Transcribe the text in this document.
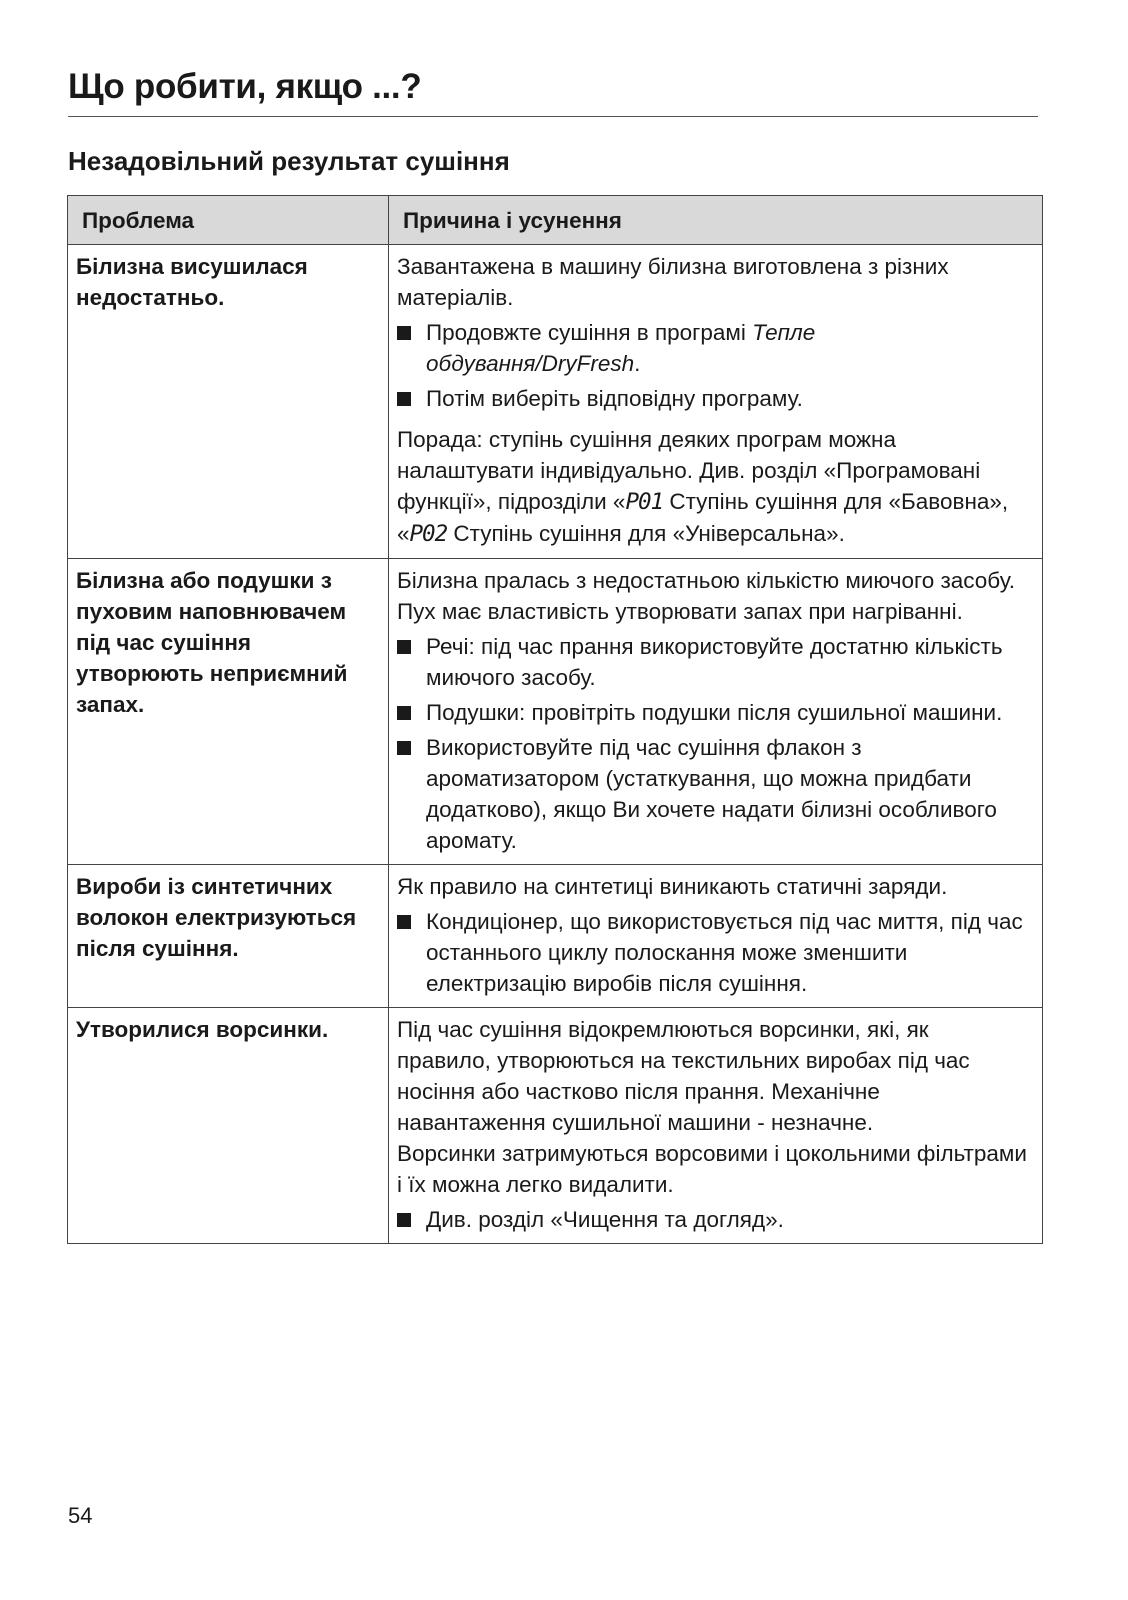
Що робити, якщо ...?
Незадовільний результат сушіння
Проблема	Причина і усунення
Білизна висушилася недостатньо.	Завантажена в машину білизна виготовлена з різних матеріалів.

Продовжте сушіння в програмі Тепле обдування/DryFresh.
Потім виберіть відповідну програму.

Порада: ступінь сушіння деяких програм можна налаштувати індивідуально. Див. розділ «Програмовані функції», підрозділи «P01 Ступінь сушіння для «Бавовна», «P02 Ступінь сушіння для «Універсальна».

Білизна або подушки з пуховим наповнювачем під час сушіння утворюють неприємний запах.	Білизна пралась з недостатньою кількістю миючого засобу.

Пух має властивість утворювати запах при нагріванні.

Речі: під час прання використовуйте достатню кількість миючого засобу.
Подушки: провітріть подушки після сушильної машини.
Використовуйте під час сушіння флакон з ароматизатором (устаткування, що можна придбати додатково), якщо Ви хочете надати білизні особливого аромату.

Вироби із синтетичних волокон електризуються після сушіння.	Як правило на синтетиці виникають статичні заряди.

Кондиціонер, що використовується під час миття, під час останнього циклу полоскання може зменшити електризацію виробів після сушіння.

Утворилися ворсинки.	Під час сушіння відокремлюються ворсинки, які, як правило, утворюються на текстильних виробах під час носіння або частково після прання. Механічне навантаження сушильної машини - незначне.

Ворсинки затримуються ворсовими і цокольними фільтрами і їх можна легко видалити.

Див. розділ «Чищення та догляд».
54
